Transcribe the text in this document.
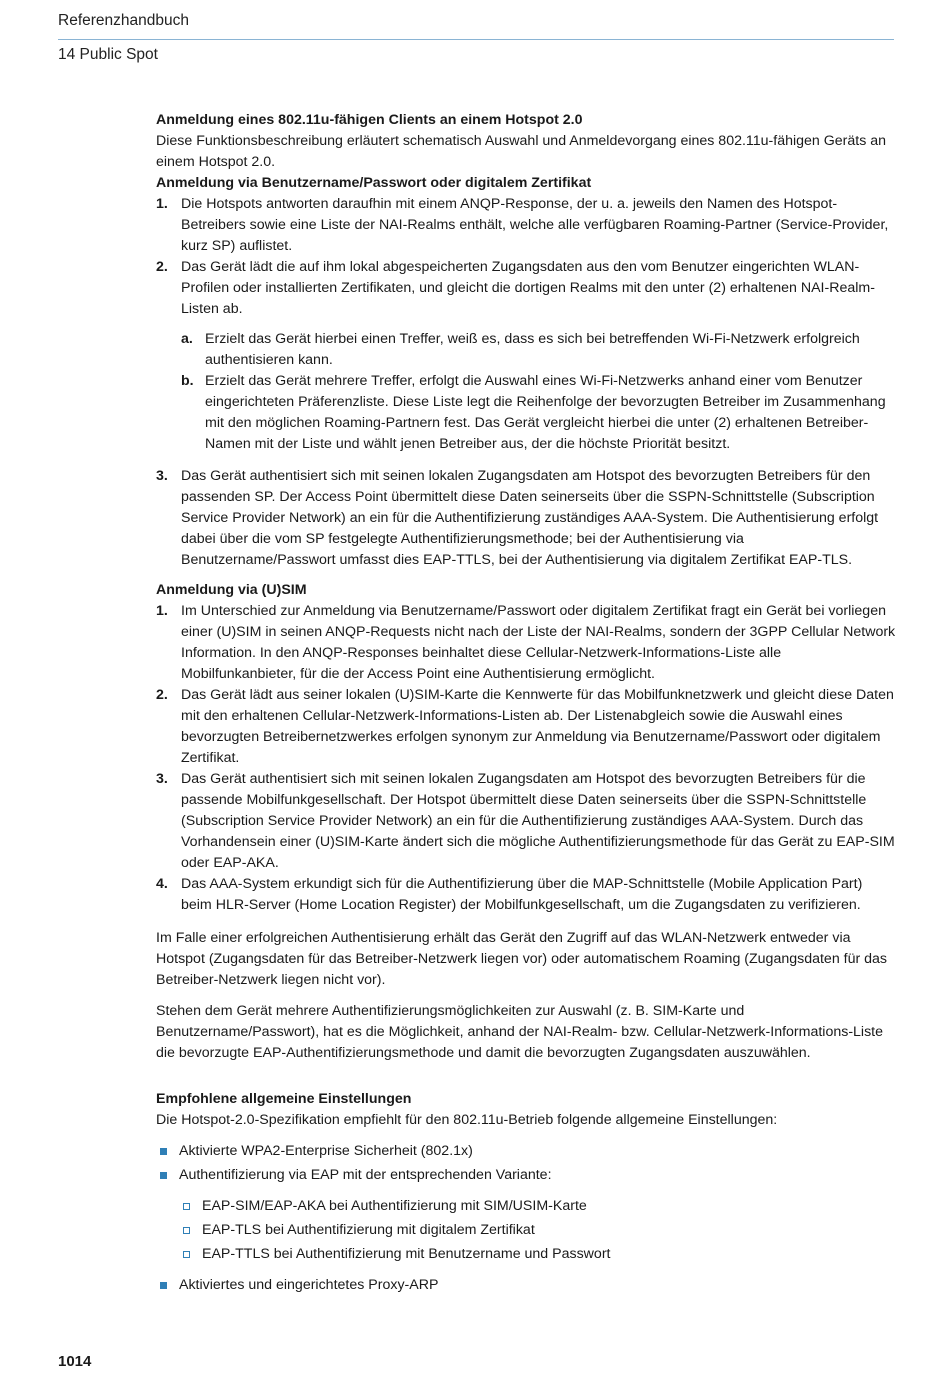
Referenzhandbuch
14 Public Spot

Anmeldung eines 802.11u-fähigen Clients an einem Hotspot 2.0

Diese Funktionsbeschreibung erläutert schematisch Auswahl und Anmeldevorgang eines 802.11u-fähigen Geräts an einem Hotspot 2.0.

Anmeldung via Benutzername/Passwort oder digitalem Zertifikat

1. Die Hotspots antworten daraufhin mit einem ANQP-Response, der u. a. jeweils den Namen des Hotspot-Betreibers sowie eine Liste der NAI-Realms enthält, welche alle verfügbaren Roaming-Partner (Service-Provider, kurz SP) auflistet.
2. Das Gerät lädt die auf ihm lokal abgespeicherten Zugangsdaten aus den vom Benutzer eingerichten WLAN-Profilen oder installierten Zertifikaten, und gleicht die dortigen Realms mit den unter (2) erhaltenen NAI-Realm-Listen ab.
a. Erzielt das Gerät hierbei einen Treffer, weiß es, dass es sich bei betreffenden Wi-Fi-Netzwerk erfolgreich authentisieren kann.
b. Erzielt das Gerät mehrere Treffer, erfolgt die Auswahl eines Wi-Fi-Netzwerks anhand einer vom Benutzer eingerichteten Präferenzliste. Diese Liste legt die Reihenfolge der bevorzugten Betreiber im Zusammenhang mit den möglichen Roaming-Partnern fest. Das Gerät vergleicht hierbei die unter (2) erhaltenen Betreiber-Namen mit der Liste und wählt jenen Betreiber aus, der die höchste Priorität besitzt.
3. Das Gerät authentisiert sich mit seinen lokalen Zugangsdaten am Hotspot des bevorzugten Betreibers für den passenden SP. Der Access Point übermittelt diese Daten seinerseits über die SSPN-Schnittstelle (Subscription Service Provider Network) an ein für die Authentifizierung zuständiges AAA-System. Die Authentisierung erfolgt dabei über die vom SP festgelegte Authentifizierungsmethode; bei der Authentisierung via Benutzername/Passwort umfasst dies EAP-TTLS, bei der Authentisierung via digitalem Zertifikat EAP-TLS.

Anmeldung via (U)SIM

1. Im Unterschied zur Anmeldung via Benutzername/Passwort oder digitalem Zertifikat fragt ein Gerät bei vorliegen einer (U)SIM in seinen ANQP-Requests nicht nach der Liste der NAI-Realms, sondern der 3GPP Cellular Network Information. In den ANQP-Responses beinhaltet diese Cellular-Netzwerk-Informations-Liste alle Mobilfunkanbieter, für die der Access Point eine Authentisierung ermöglicht.
2. Das Gerät lädt aus seiner lokalen (U)SIM-Karte die Kennwerte für das Mobilfunknetzwerk und gleicht diese Daten mit den erhaltenen Cellular-Netzwerk-Informations-Listen ab. Der Listenabgleich sowie die Auswahl eines bevorzugten Betreibernetzwerkes erfolgen synonym zur Anmeldung via Benutzername/Passwort oder digitalem Zertifikat.
3. Das Gerät authentisiert sich mit seinen lokalen Zugangsdaten am Hotspot des bevorzugten Betreibers für die passende Mobilfunkgesellschaft. Der Hotspot übermittelt diese Daten seinerseits über die SSPN-Schnittstelle (Subscription Service Provider Network) an ein für die Authentifizierung zuständiges AAA-System. Durch das Vorhandensein einer (U)SIM-Karte ändert sich die mögliche Authentifizierungsmethode für das Gerät zu EAP-SIM oder EAP-AKA.
4. Das AAA-System erkundigt sich für die Authentifizierung über die MAP-Schnittstelle (Mobile Application Part) beim HLR-Server (Home Location Register) der Mobilfunkgesellschaft, um die Zugangsdaten zu verifizieren.

Im Falle einer erfolgreichen Authentisierung erhält das Gerät den Zugriff auf das WLAN-Netzwerk entweder via Hotspot (Zugangsdaten für das Betreiber-Netzwerk liegen vor) oder automatischem Roaming (Zugangsdaten für das Betreiber-Netzwerk liegen nicht vor).

Stehen dem Gerät mehrere Authentifizierungsmöglichkeiten zur Auswahl (z. B. SIM-Karte und Benutzername/Passwort), hat es die Möglichkeit, anhand der NAI-Realm- bzw. Cellular-Netzwerk-Informations-Liste die bevorzugte EAP-Authentifizierungsmethode und damit die bevorzugten Zugangsdaten auszuwählen.

Empfohlene allgemeine Einstellungen

Die Hotspot-2.0-Spezifikation empfiehlt für den 802.11u-Betrieb folgende allgemeine Einstellungen:

Aktivierte WPA2-Enterprise Sicherheit (802.1x)
Authentifizierung via EAP mit der entsprechenden Variante:
EAP-SIM/EAP-AKA bei Authentifizierung mit SIM/USIM-Karte
EAP-TLS bei Authentifizierung mit digitalem Zertifikat
EAP-TTLS bei Authentifizierung mit Benutzername und Passwort
Aktiviertes und eingerichtetes Proxy-ARP
1014
